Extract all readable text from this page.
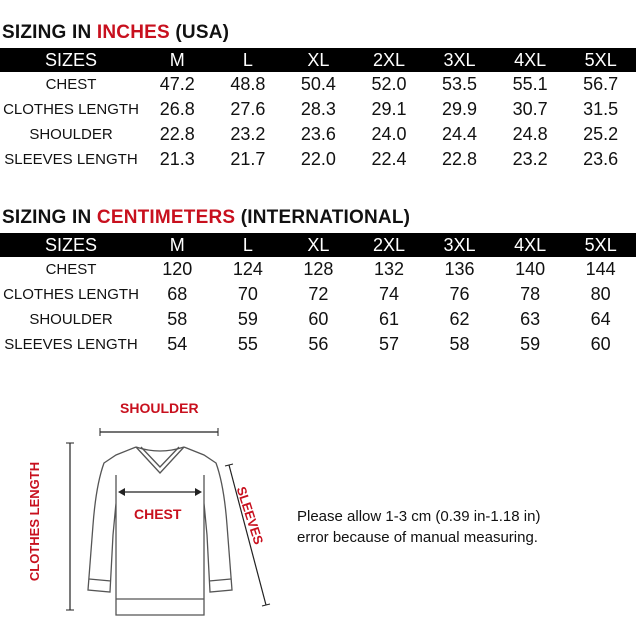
SIZING IN INCHES (USA)
SIZES	M	L	XL	2XL	3XL	4XL	5XL
CHEST	47.2	48.8	50.4	52.0	53.5	55.1	56.7
CLOTHES LENGTH	26.8	27.6	28.3	29.1	29.9	30.7	31.5
SHOULDER	22.8	23.2	23.6	24.0	24.4	24.8	25.2
SLEEVES LENGTH	21.3	21.7	22.0	22.4	22.8	23.2	23.6
SIZING IN CENTIMETERS (INTERNATIONAL)
SIZES	M	L	XL	2XL	3XL	4XL	5XL
CHEST	120	124	128	132	136	140	144
CLOTHES LENGTH	68	70	72	74	76	78	80
SHOULDER	58	59	60	61	62	63	64
SLEEVES LENGTH	54	55	56	57	58	59	60
SHOULDER
CHEST	SLEEVES
CLOTHES LENGTH	Please allow 1-3 cm (0.39 in-1.18 in)
error because of manual measuring.
